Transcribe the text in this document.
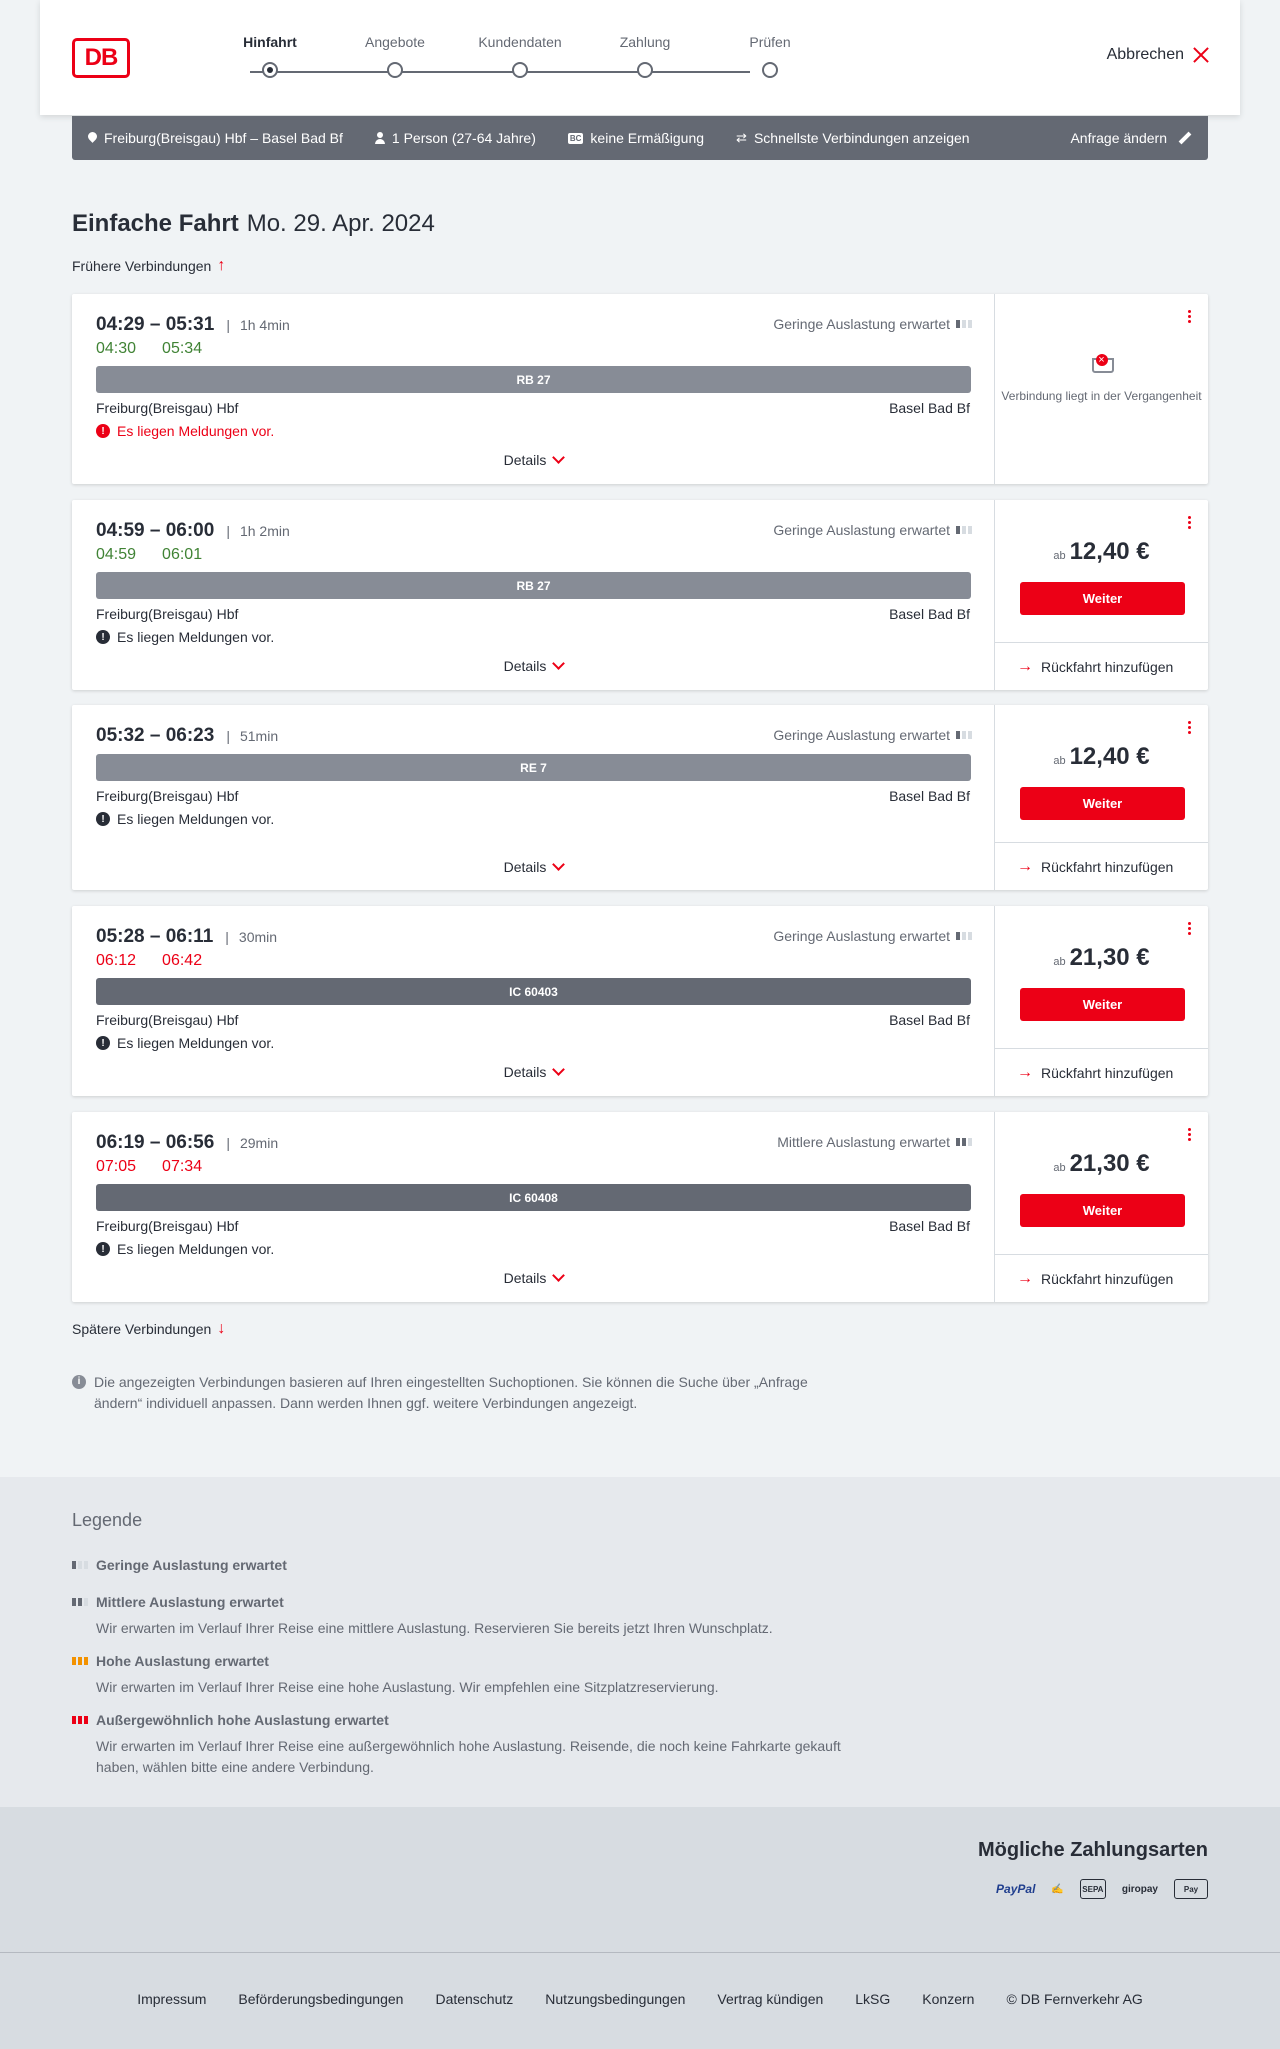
DB
Hinfahrt	Angebote	Kundendaten	Zahlung	Prüfen
Abbrechen
Freiburg(Breisgau) Hbf – Basel Bad Bf	1 Person (27-64 Jahre)	BC keine Ermäßigung ⇄ Schnellste Verbindungen anzeigen	Anfrage ändern
Einfache Fahrt Mo. 29. Apr. 2024
Frühere Verbindungen ↑
04:29 – 05:31 | 1h 4min
04:30 05:34
Geringe Auslastung erwartet
RB 27
Freiburg(Breisgau) Hbf	Basel Bad Bf
! Es liegen Meldungen vor.
Details
×
Verbindung liegt in der Vergangenheit
04:59 – 06:00 | 1h 2min
04:59 06:01
Geringe Auslastung erwartet
RB 27
Freiburg(Breisgau) Hbf	Basel Bad Bf
! Es liegen Meldungen vor.
Details
ab 12,40 €
Weiter
→ Rückfahrt hinzufügen
05:32 – 06:23 | 51min	Geringe Auslastung erwartet
RE 7
Freiburg(Breisgau) Hbf	Basel Bad Bf
! Es liegen Meldungen vor.
Details
ab 12,40 €
Weiter
→ Rückfahrt hinzufügen
05:28 – 06:11 | 30min
06:12 06:42
Geringe Auslastung erwartet
IC 60403
Freiburg(Breisgau) Hbf	Basel Bad Bf
! Es liegen Meldungen vor.
Details
ab 21,30 €
Weiter
→ Rückfahrt hinzufügen
06:19 – 06:56 | 29min
07:05 07:34
Mittlere Auslastung erwartet
IC 60408
Freiburg(Breisgau) Hbf	Basel Bad Bf
! Es liegen Meldungen vor.
Details
ab 21,30 €
Weiter
→ Rückfahrt hinzufügen
Spätere Verbindungen ↓
i Die angezeigten Verbindungen basieren auf Ihren eingestellten Suchoptionen. Sie können die Suche über „Anfrage ändern“ individuell anpassen. Dann werden Ihnen ggf. weitere Verbindungen angezeigt.
Legende
Geringe Auslastung erwartet
Mittlere Auslastung erwartet
Wir erwarten im Verlauf Ihrer Reise eine mittlere Auslastung. Reservieren Sie bereits jetzt Ihren Wunschplatz.
Hohe Auslastung erwartet
Wir erwarten im Verlauf Ihrer Reise eine hohe Auslastung. Wir empfehlen eine Sitzplatzreservierung.
Außergewöhnlich hohe Auslastung erwartet
Wir erwarten im Verlauf Ihrer Reise eine außergewöhnlich hohe Auslastung. Reisende, die noch keine Fahrkarte gekauft haben, wählen bitte eine andere Verbindung.
Mögliche Zahlungsarten
PayPal ✍ SEPA giropay	Pay
Impressum Beförderungsbedingungen Datenschutz Nutzungsbedingungen Vertrag kündigen LkSG Konzern © DB Fernverkehr AG
